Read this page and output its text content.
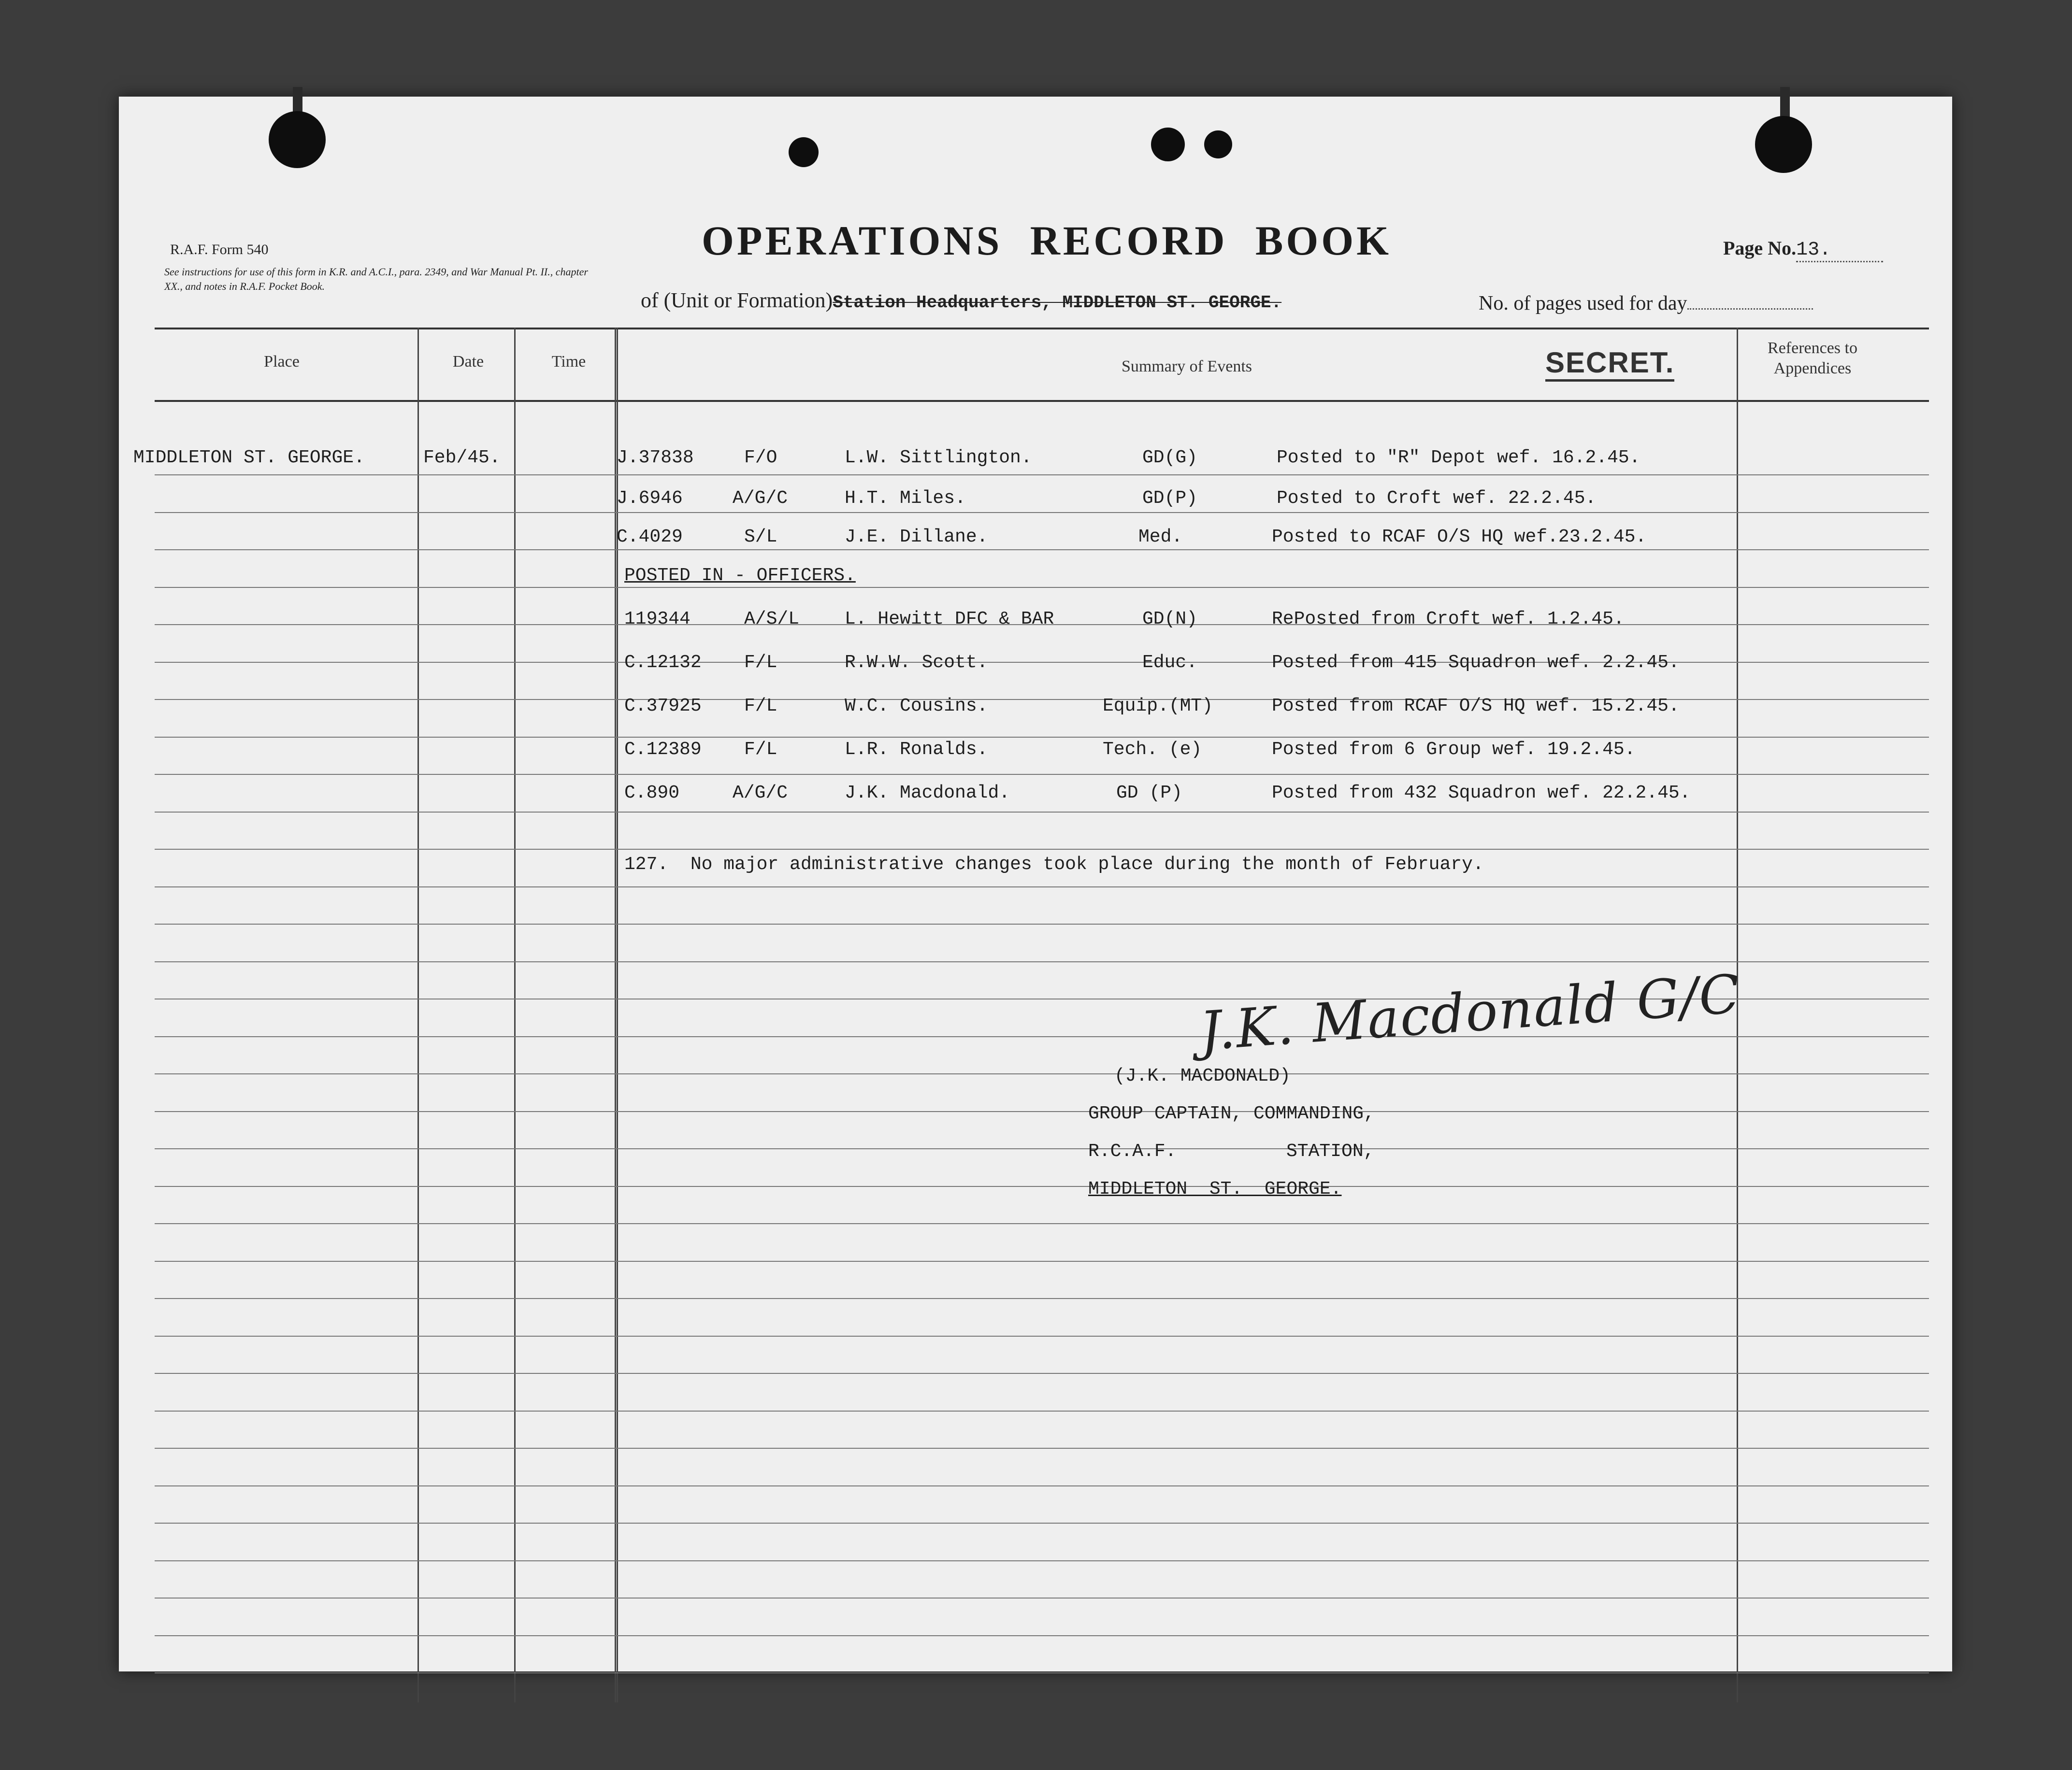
R.A.F. Form 540
See instructions for use of this form in K.R. and A.C.I., para. 2349, and War Manual Pt. II., chapter XX., and notes in R.A.F. Pocket Book.
OPERATIONS RECORD BOOK	Page No.13.
of (Unit or Formation)Station Headquarters, MIDDLETON ST. GEORGE.	No. of pages used for day
Place	Date	Time	Summary of Events	SECRET.	References to Appendices
MIDDLETON ST. GEORGE.	Feb/45.	J.37838	F/O	L.W. Sittlington.	GD(G)	Posted to "R" Depot wef. 16.2.45.
J.6946	A/G/C	H.T. Miles.	GD(P)	Posted to Croft wef. 22.2.45.
C.4029	S/L	J.E. Dillane.	Med.	Posted to RCAF O/S HQ wef.23.2.45.
POSTED IN - OFFICERS.
119344	A/S/L L. Hewitt DFC & BAR	GD(N)	RePosted from Croft wef. 1.2.45.
C.12132 F/L	R.W.W. Scott.	Educ.	Posted from 415 Squadron wef. 2.2.45.
C.37925 F/L	W.C. Cousins.	Equip.(MT)	Posted from RCAF O/S HQ wef. 15.2.45.
C.12389 F/L	L.R. Ronalds.	Tech. (e)	Posted from 6 Group wef. 19.2.45.
C.890	A/G/C	J.K. Macdonald.	GD (P)	Posted from 432 Squadron wef. 22.2.45.
127.  No major administrative changes took place during the month of February.
J.K. Macdonald G/C
(J.K. MACDONALD)
GROUP CAPTAIN, COMMANDING,
R.C.A.F.	STATION,
MIDDLETON  ST.  GEORGE.
